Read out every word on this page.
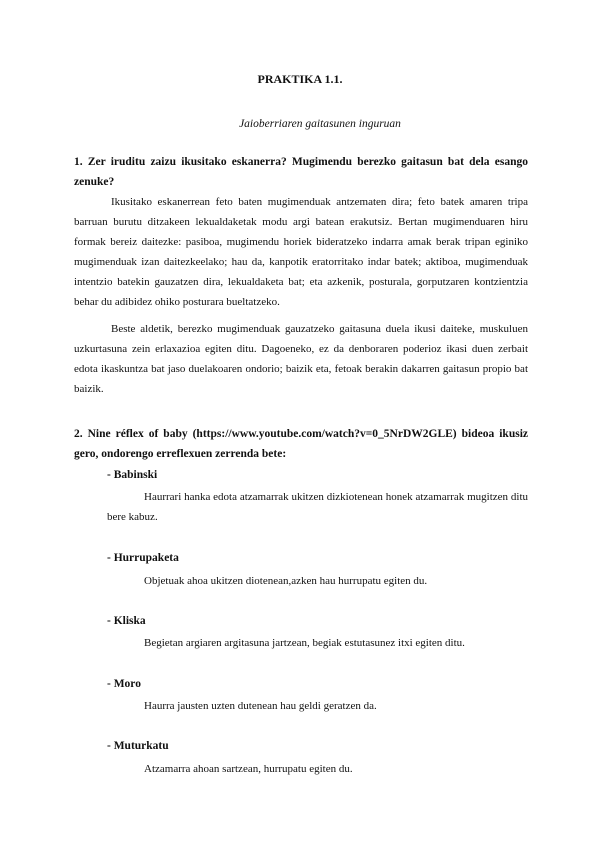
PRAKTIKA 1.1.
Jaioberriaren gaitasunen inguruan
1. Zer iruditu zaizu ikusitako eskanerra? Mugimendu berezko gaitasun bat dela esango zenuke?
Ikusitako eskanerrean feto baten mugimenduak antzematen dira; feto batek amaren tripa barruan burutu ditzakeen lekualdaketak modu argi batean erakutsiz. Bertan mugimenduaren hiru formak bereiz daitezke: pasiboa, mugimendu horiek bideratzeko indarra amak berak tripan eginiko mugimenduak izan daitezkeelako; hau da, kanpotik eratorritako indar batek; aktiboa, mugimenduak intentzio batekin gauzatzen dira, lekualdaketa bat; eta azkenik, posturala, gorputzaren kontzientzia behar du adibidez ohiko posturara bueltatzeko.
Beste aldetik, berezko mugimenduak gauzatzeko gaitasuna duela ikusi daiteke, muskuluen uzkurtasuna zein erlaxazioa egiten ditu. Dagoeneko, ez da denboraren poderioz ikasi duen zerbait edota ikaskuntza bat jaso duelakoaren ondorio; baizik eta, fetoak berakin dakarren gaitasun propio bat baizik.
2. Nine réflex of baby (https://www.youtube.com/watch?v=0_5NrDW2GLE) bideoa ikusiz gero, ondorengo erreflexuen zerrenda bete:
- Babinski
Haurrari hanka edota atzamarrak ukitzen dizkiotenean honek atzamarrak mugitzen ditu bere kabuz.
- Hurrupaketa
Objetuak ahoa ukitzen diotenean,azken hau hurrupatu egiten du.
- Kliska
Begietan argiaren argitasuna jartzean, begiak estutasunez itxi egiten ditu.
- Moro
Haurra jausten uzten dutenean hau geldi geratzen da.
- Muturkatu
Atzamarra ahoan sartzean, hurrupatu egiten du.
